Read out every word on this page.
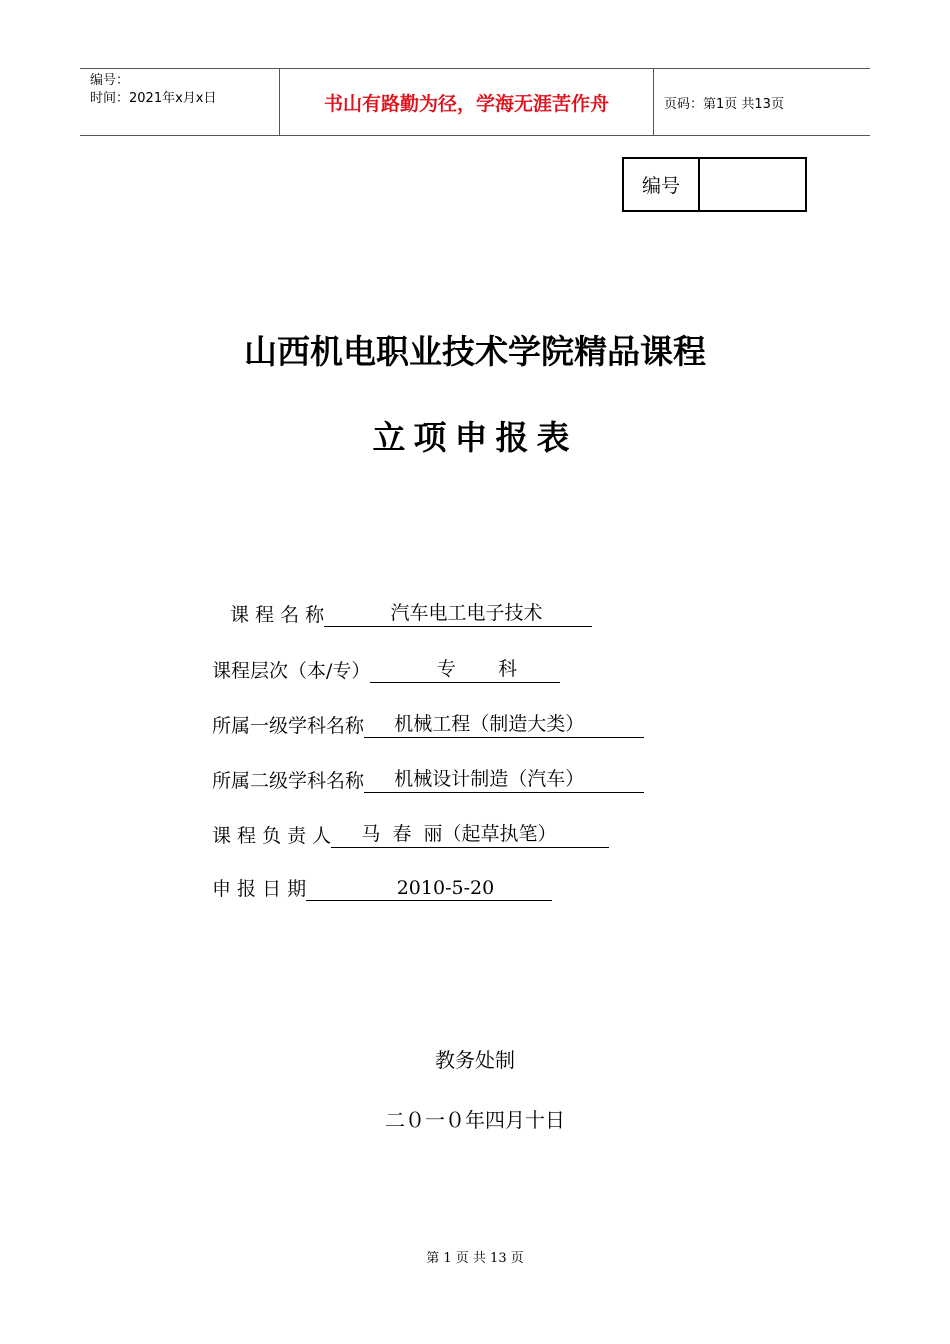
编号：
时间：2021年x月x日	书山有路勤为径，学海无涯苦作舟	页码：第1页 共13页
编号
山西机电职业技术学院精品课程
立项申报表
课 程 名 称 汽车电工电子技术
课程层次（本/专） 专       科
所属一级学科名称 机械工程（制造大类）
所属二级学科名称 机械设计制造（汽车）
课 程 负 责 人 马  春  丽（起草执笔）
申 报 日 期 2010-5-20
教务处制
二０一０年四月十日
第 1 页 共 13 页
